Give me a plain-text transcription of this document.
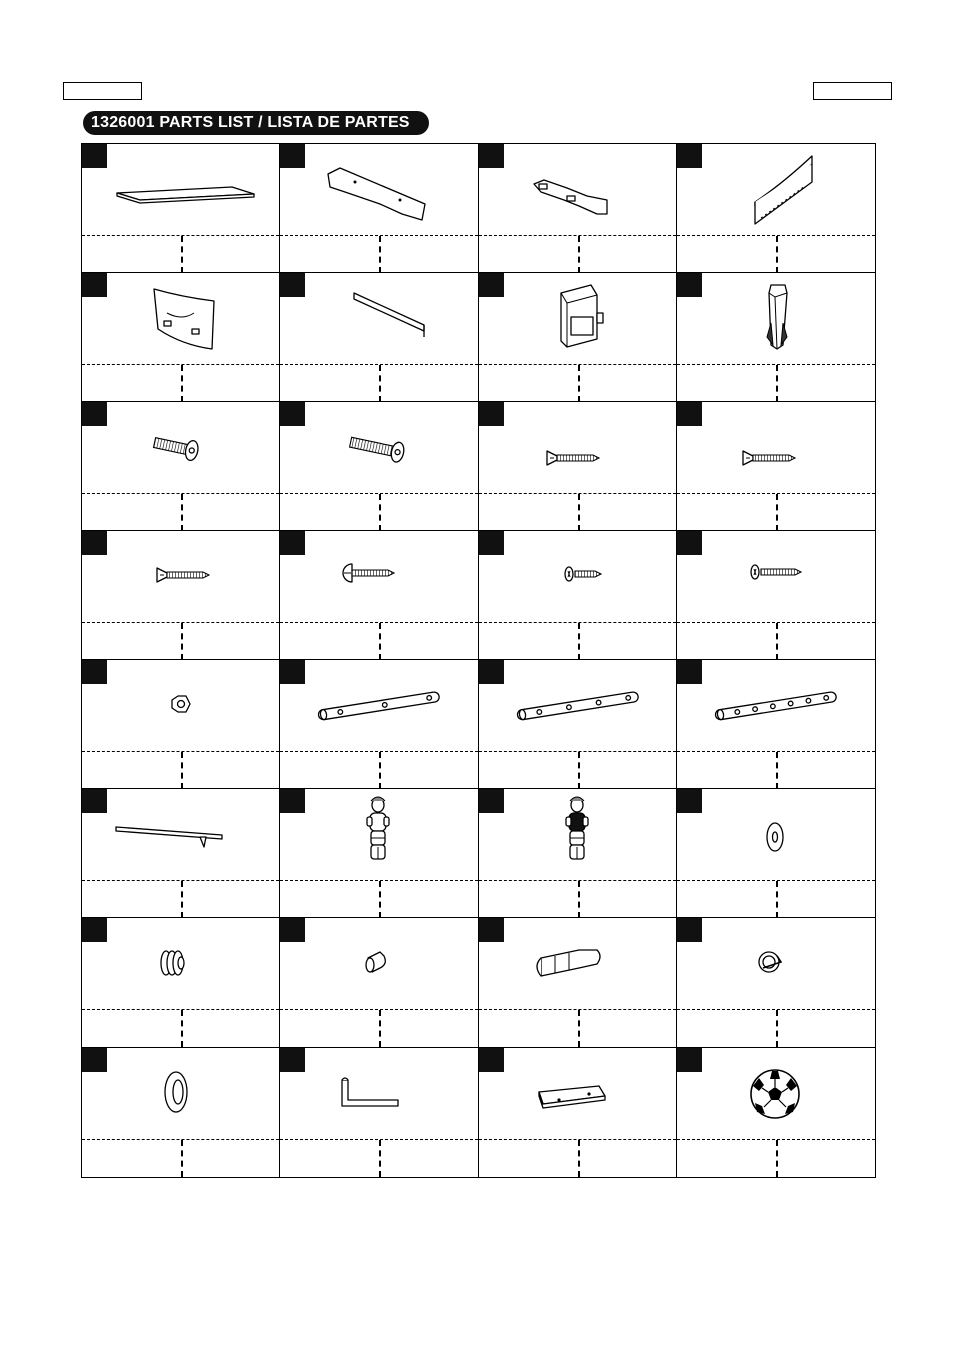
1326001 PARTS LIST / LISTA DE PARTES
